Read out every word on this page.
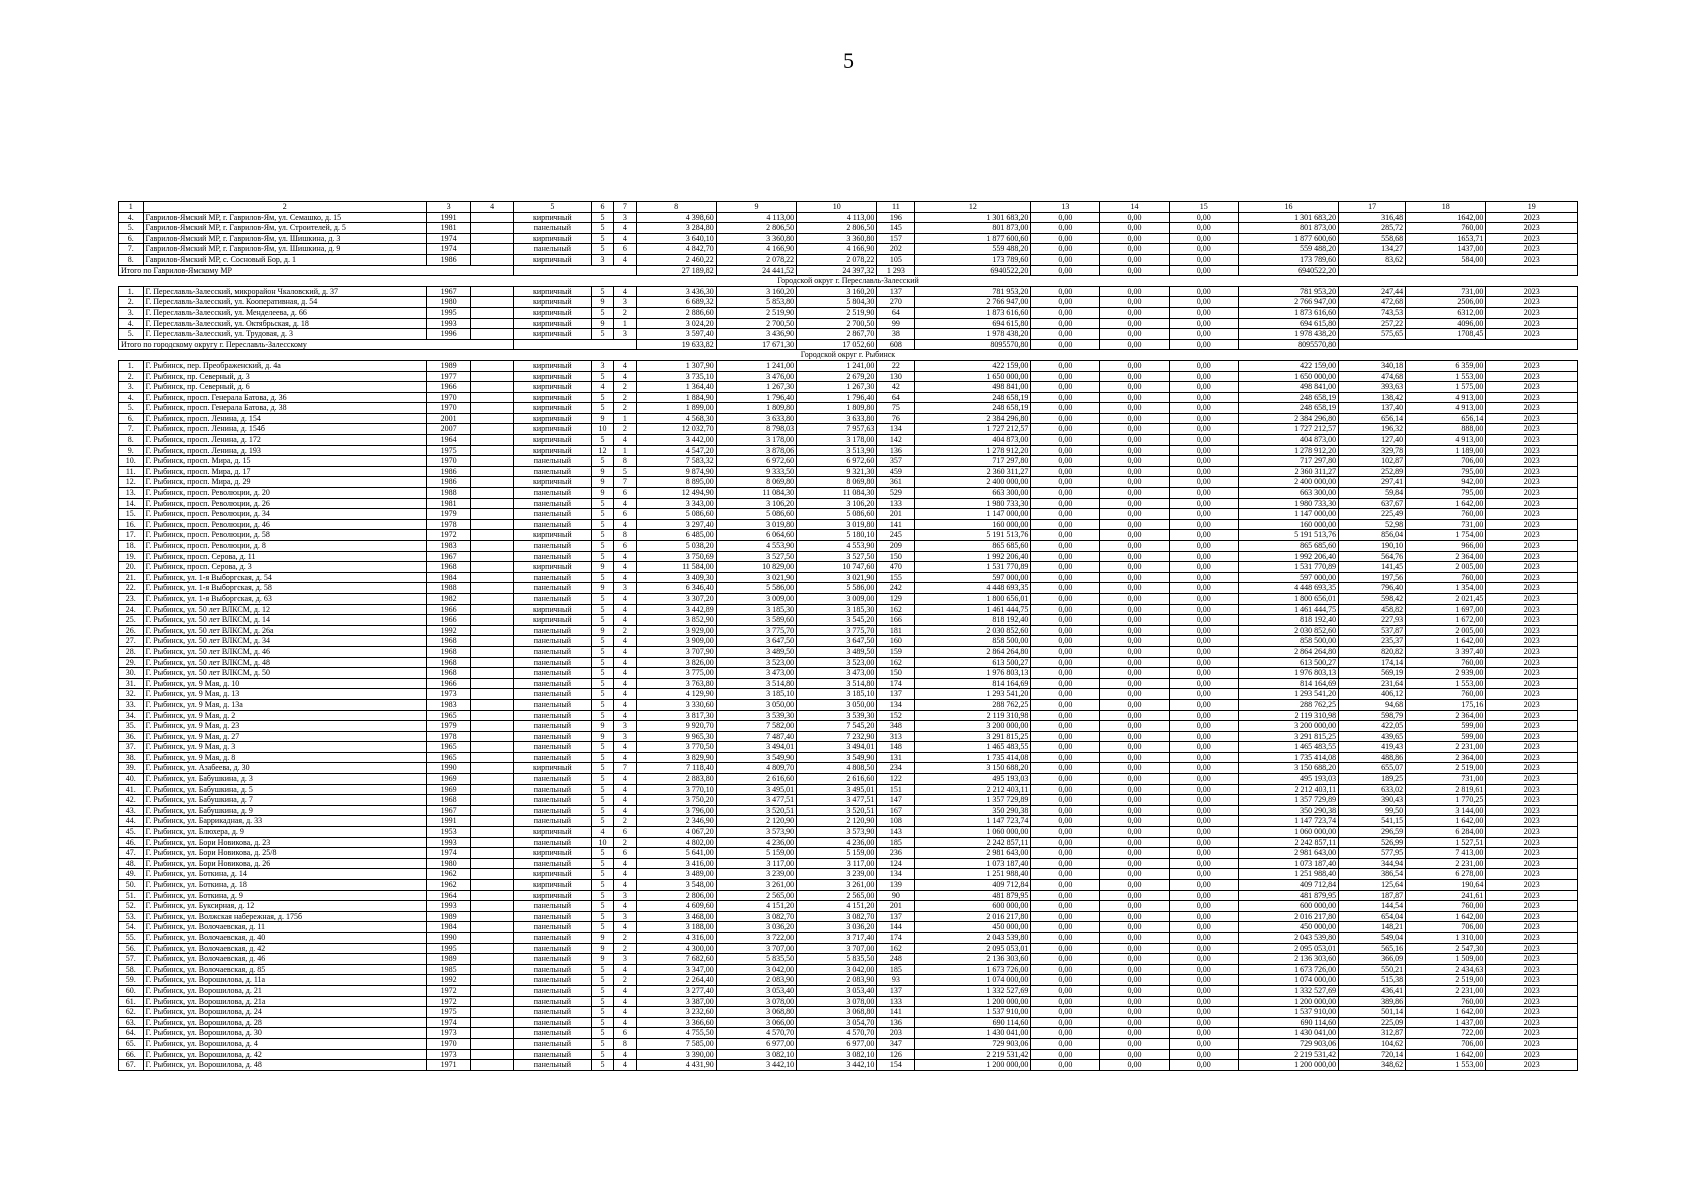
5
1	2	3	4	5	6	7	8	9	10	11	12	13	14	15	16	17	18	19
4.	Гаврилов-Ямский МР, г. Гаврилов-Ям, ул. Семашко, д. 15	1991		кирпичный	5	3	4 398,60	4 113,00	4 113,00	196	1 301 683,20	0,00	0,00	0,00	1 301 683,20	316,48	1642,00	2023
5.	Гаврилов-Ямский МР, г. Гаврилов-Ям, ул. Строителей, д. 5	1981		панельный	5	4	3 284,80	2 806,50	2 806,50	145	801 873,00	0,00	0,00	0,00	801 873,00	285,72	760,00	2023
6.	Гаврилов-Ямский МР, г. Гаврилов-Ям, ул. Шишкина, д. 3	1974		кирпичный	5	4	3 640,10	3 360,80	3 360,80	157	1 877 600,60	0,00	0,00	0,00	1 877 600,60	558,68	1653,71	2023
7.	Гаврилов-Ямский МР, г. Гаврилов-Ям, ул. Шишкина, д. 9	1974		панельный	5	6	4 842,70	4 166,90	4 166,90	202	559 488,20	0,00	0,00	0,00	559 488,20	134,27	1437,00	2023
8.	Гаврилов-Ямский МР, с. Сосновый Бор, д. 1	1986		кирпичный	3	4	2 460,22	2 078,22	2 078,22	105	173 789,60	0,00	0,00	0,00	173 789,60	83,62	584,00	2023
Итого по Гаврилов-Ямскому МР							27 189,82	24 441,52	24 397,32	1 293	6940522,20	0,00	0,00	0,00	6940522,20			
Городской округ г. Переславль-Залесский																		
1.	Г. Переславль-Залесский, микрорайон Чкаловский, д. 37	1967		кирпичный	5	4	3 436,30	3 160,20	3 160,20	137	781 953,20	0,00	0,00	0,00	781 953,20	247,44	731,00	2023
2.	Г. Переславль-Залесский, ул. Кооперативная, д. 54	1980		кирпичный	9	3	6 689,32	5 853,80	5 804,30	270	2 766 947,00	0,00	0,00	0,00	2 766 947,00	472,68	2506,00	2023
3.	Г. Переславль-Залесский, ул. Менделеева, д. 66	1995		кирпичный	5	2	2 886,60	2 519,90	2 519,90	64	1 873 616,60	0,00	0,00	0,00	1 873 616,60	743,53	6312,00	2023
4.	Г. Переславль-Залесский, ул. Октябрьская, д. 18	1993		кирпичный	9	1	3 024,20	2 700,50	2 700,50	99	694 615,80	0,00	0,00	0,00	694 615,80	257,22	4096,00	2023
5.	Г. Переславль-Залесский, ул. Трудовая, д. 3	1996		кирпичный	5	3	3 597,40	3 436,90	2 867,70	38	1 978 438,20	0,00	0,00	0,00	1 978 438,20	575,65	1708,45	2023
Итого по городскому округу г. Переславль-Залесскому							19 633,82	17 671,30	17 052,60	608	8095570,80	0,00	0,00	0,00	8095570,80			
Городской округ г. Рыбинск																		
1.	Г. Рыбинск, пер. Преображенский, д. 4а	1989		кирпичный	3	4	1 307,90	1 241,00	1 241,00	22	422 159,00	0,00	0,00	0,00	422 159,00	340,18	6 359,00	2023
2.	Г. Рыбинск, пр. Северный, д. 3	1977		кирпичный	5	4	3 735,10	3 476,00	2 679,20	130	1 650 000,00	0,00	0,00	0,00	1 650 000,00	474,68	1 553,00	2023
3.	Г. Рыбинск, пр. Северный, д. 6	1966		кирпичный	4	2	1 364,40	1 267,30	1 267,30	42	498 841,00	0,00	0,00	0,00	498 841,00	393,63	1 575,00	2023
4.	Г. Рыбинск, просп. Генерала Батова, д. 36	1970		кирпичный	5	2	1 884,90	1 796,40	1 796,40	64	248 658,19	0,00	0,00	0,00	248 658,19	138,42	4 913,00	2023
5.	Г. Рыбинск, просп. Генерала Батова, д. 38	1970		кирпичный	5	2	1 899,00	1 809,80	1 809,80	75	248 658,19	0,00	0,00	0,00	248 658,19	137,40	4 913,00	2023
6.	Г. Рыбинск, просп. Ленина, д. 154	2001		кирпичный	9	1	4 568,30	3 633,80	3 633,80	76	2 384 296,80	0,00	0,00	0,00	2 384 296,80	656,14	656,14	2023
7.	Г. Рыбинск, просп. Ленина, д. 154б	2007		кирпичный	10	2	12 032,70	8 798,03	7 957,63	134	1 727 212,57	0,00	0,00	0,00	1 727 212,57	196,32	888,00	2023
8.	Г. Рыбинск, просп. Ленина, д. 172	1964		кирпичный	5	4	3 442,00	3 178,00	3 178,00	142	404 873,00	0,00	0,00	0,00	404 873,00	127,40	4 913,00	2023
9.	Г. Рыбинск, просп. Ленина, д. 193	1975		кирпичный	12	1	4 547,20	3 878,06	3 513,90	136	1 278 912,20	0,00	0,00	0,00	1 278 912,20	329,78	1 189,00	2023
10.	Г. Рыбинск, просп. Мира, д. 15	1970		панельный	5	8	7 583,32	6 972,60	6 972,60	357	717 297,80	0,00	0,00	0,00	717 297,80	102,87	706,00	2023
11.	Г. Рыбинск, просп. Мира, д. 17	1986		панельный	9	5	9 874,90	9 333,50	9 321,30	459	2 360 311,27	0,00	0,00	0,00	2 360 311,27	252,89	795,00	2023
12.	Г. Рыбинск, просп. Мира, д. 29	1986		кирпичный	9	7	8 895,00	8 069,80	8 069,80	361	2 400 000,00	0,00	0,00	0,00	2 400 000,00	297,41	942,00	2023
13.	Г. Рыбинск, просп. Революции, д. 20	1988		панельный	9	6	12 494,90	11 084,30	11 084,30	529	663 300,00	0,00	0,00	0,00	663 300,00	59,84	795,00	2023
14.	Г. Рыбинск, просп. Революции, д. 26	1981		панельный	5	4	3 343,00	3 106,20	3 106,20	133	1 980 733,30	0,00	0,00	0,00	1 980 733,30	637,67	1 642,00	2023
15.	Г. Рыбинск, просп. Революции, д. 34	1979		панельный	5	6	5 086,60	5 086,60	5 086,60	201	1 147 000,00	0,00	0,00	0,00	1 147 000,00	225,49	760,00	2023
16.	Г. Рыбинск, просп. Революции, д. 46	1978		панельный	5	4	3 297,40	3 019,80	3 019,80	141	160 000,00	0,00	0,00	0,00	160 000,00	52,98	731,00	2023
17.	Г. Рыбинск, просп. Революции, д. 58	1972		кирпичный	5	8	6 485,00	6 064,60	5 180,10	245	5 191 513,76	0,00	0,00	0,00	5 191 513,76	856,04	1 754,00	2023
18.	Г. Рыбинск, просп. Революции, д. 8	1983		панельный	5	6	5 038,20	4 553,90	4 553,90	209	865 685,60	0,00	0,00	0,00	865 685,60	190,10	966,00	2023
19.	Г. Рыбинск, просп. Серова, д. 11	1967		панельный	5	4	3 750,69	3 527,50	3 527,50	150	1 992 206,40	0,00	0,00	0,00	1 992 206,40	564,76	2 364,00	2023
20.	Г. Рыбинск, просп. Серова, д. 3	1968		кирпичный	9	4	11 584,00	10 829,00	10 747,60	470	1 531 770,89	0,00	0,00	0,00	1 531 770,89	141,45	2 005,00	2023
21.	Г. Рыбинск, ул. 1-я Выборгская, д. 54	1984		панельный	5	4	3 409,30	3 021,90	3 021,90	155	597 000,00	0,00	0,00	0,00	597 000,00	197,56	760,00	2023
22.	Г. Рыбинск, ул. 1-я Выборгская, д. 58	1988		панельный	9	3	6 346,40	5 586,00	5 586,00	242	4 448 693,35	0,00	0,00	0,00	4 448 693,35	796,40	1 354,00	2023
23.	Г. Рыбинск, ул. 1-я Выборгская, д. 63	1982		панельный	5	4	3 307,20	3 009,00	3 009,00	129	1 800 656,01	0,00	0,00	0,00	1 800 656,01	598,42	2 021,45	2023
24.	Г. Рыбинск, ул. 50 лет ВЛКСМ, д. 12	1966		кирпичный	5	4	3 442,89	3 185,30	3 185,30	162	1 461 444,75	0,00	0,00	0,00	1 461 444,75	458,82	1 697,00	2023
25.	Г. Рыбинск, ул. 50 лет ВЛКСМ, д. 14	1966		кирпичный	5	4	3 852,90	3 589,60	3 545,20	166	818 192,40	0,00	0,00	0,00	818 192,40	227,93	1 672,00	2023
26.	Г. Рыбинск, ул. 50 лет ВЛКСМ, д. 26а	1992		панельный	9	2	3 929,00	3 775,70	3 775,70	181	2 030 852,60	0,00	0,00	0,00	2 030 852,60	537,87	2 005,00	2023
27.	Г. Рыбинск, ул. 50 лет ВЛКСМ, д. 34	1968		панельный	5	4	3 909,00	3 647,50	3 647,50	160	858 500,00	0,00	0,00	0,00	858 500,00	235,37	1 642,00	2023
28.	Г. Рыбинск, ул. 50 лет ВЛКСМ, д. 46	1968		панельный	5	4	3 707,90	3 489,50	3 489,50	159	2 864 264,80	0,00	0,00	0,00	2 864 264,80	820,82	3 397,40	2023
29.	Г. Рыбинск, ул. 50 лет ВЛКСМ, д. 48	1968		панельный	5	4	3 826,00	3 523,00	3 523,00	162	613 500,27	0,00	0,00	0,00	613 500,27	174,14	760,00	2023
30.	Г. Рыбинск, ул. 50 лет ВЛКСМ, д. 50	1968		панельный	5	4	3 775,00	3 473,00	3 473,00	150	1 976 803,13	0,00	0,00	0,00	1 976 803,13	569,19	2 939,00	2023
31.	Г. Рыбинск, ул. 9 Мая, д. 10	1966		панельный	5	4	3 763,80	3 514,80	3 514,80	174	814 164,69	0,00	0,00	0,00	814 164,69	231,64	1 553,00	2023
32.	Г. Рыбинск, ул. 9 Мая, д. 13	1973		панельный	5	4	4 129,90	3 185,10	3 185,10	137	1 293 541,20	0,00	0,00	0,00	1 293 541,20	406,12	760,00	2023
33.	Г. Рыбинск, ул. 9 Мая, д. 13а	1983		панельный	5	4	3 330,60	3 050,00	3 050,00	134	288 762,25	0,00	0,00	0,00	288 762,25	94,68	175,16	2023
34.	Г. Рыбинск, ул. 9 Мая, д. 2	1965		панельный	5	4	3 817,30	3 539,30	3 539,30	152	2 119 310,98	0,00	0,00	0,00	2 119 310,98	598,79	2 364,00	2023
35.	Г. Рыбинск, ул. 9 Мая, д. 23	1979		панельный	9	3	9 920,70	7 582,00	7 545,20	348	3 200 000,00	0,00	0,00	0,00	3 200 000,00	422,05	599,00	2023
36.	Г. Рыбинск, ул. 9 Мая, д. 27	1978		панельный	9	3	9 965,30	7 487,40	7 232,90	313	3 291 815,25	0,00	0,00	0,00	3 291 815,25	439,65	599,00	2023
37.	Г. Рыбинск, ул. 9 Мая, д. 3	1965		панельный	5	4	3 770,50	3 494,01	3 494,01	148	1 465 483,55	0,00	0,00	0,00	1 465 483,55	419,43	2 231,00	2023
38.	Г. Рыбинск, ул. 9 Мая, д. 8	1965		панельный	5	4	3 829,90	3 549,90	3 549,90	131	1 735 414,08	0,00	0,00	0,00	1 735 414,08	488,86	2 364,00	2023
39.	Г. Рыбинск, ул. Азабеева, д. 30	1990		кирпичный	5	7	7 118,40	4 809,70	4 808,50	234	3 150 688,20	0,00	0,00	0,00	3 150 688,20	655,07	2 519,00	2023
40.	Г. Рыбинск, ул. Бабушкина, д. 3	1969		панельный	5	4	2 883,80	2 616,60	2 616,60	122	495 193,03	0,00	0,00	0,00	495 193,03	189,25	731,00	2023
41.	Г. Рыбинск, ул. Бабушкина, д. 5	1969		панельный	5	4	3 770,10	3 495,01	3 495,01	151	2 212 403,11	0,00	0,00	0,00	2 212 403,11	633,02	2 819,61	2023
42.	Г. Рыбинск, ул. Бабушкина, д. 7	1968		панельный	5	4	3 750,20	3 477,51	3 477,51	147	1 357 729,89	0,00	0,00	0,00	1 357 729,89	390,43	1 770,25	2023
43.	Г. Рыбинск, ул. Бабушкина, д. 9	1967		панельный	5	4	3 796,00	3 520,51	3 520,51	167	350 290,38	0,00	0,00	0,00	350 290,38	99,50	3 144,00	2023
44.	Г. Рыбинск, ул. Баррикадная, д. 33	1991		панельный	5	2	2 346,90	2 120,90	2 120,90	108	1 147 723,74	0,00	0,00	0,00	1 147 723,74	541,15	1 642,00	2023
45.	Г. Рыбинск, ул. Блюхера, д. 9	1953		кирпичный	4	6	4 067,20	3 573,90	3 573,90	143	1 060 000,00	0,00	0,00	0,00	1 060 000,00	296,59	6 284,00	2023
46.	Г. Рыбинск, ул. Бори Новикова, д. 23	1993		панельный	10	2	4 802,00	4 236,00	4 236,00	185	2 242 857,11	0,00	0,00	0,00	2 242 857,11	526,99	1 527,51	2023
47.	Г. Рыбинск, ул. Бори Новикова, д. 25/8	1974		кирпичный	5	6	5 641,00	5 159,00	5 159,00	236	2 981 643,00	0,00	0,00	0,00	2 981 643,00	577,95	7 413,00	2023
48.	Г. Рыбинск, ул. Бори Новикова, д. 26	1980		панельный	5	4	3 416,00	3 117,00	3 117,00	124	1 073 187,40	0,00	0,00	0,00	1 073 187,40	344,94	2 231,00	2023
49.	Г. Рыбинск, ул. Боткина, д. 14	1962		кирпичный	5	4	3 489,00	3 239,00	3 239,00	134	1 251 988,40	0,00	0,00	0,00	1 251 988,40	386,54	6 278,00	2023
50.	Г. Рыбинск, ул. Боткина, д. 18	1962		кирпичный	5	4	3 548,00	3 261,00	3 261,00	139	409 712,84	0,00	0,00	0,00	409 712,84	125,64	190,64	2023
51.	Г. Рыбинск, ул. Боткина, д. 9	1964		кирпичный	5	3	2 806,00	2 565,00	2 565,00	90	481 879,95	0,00	0,00	0,00	481 879,95	187,87	241,61	2023
52.	Г. Рыбинск, ул. Буксирная, д. 12	1993		панельный	5	4	4 609,60	4 151,20	4 151,20	201	600 000,00	0,00	0,00	0,00	600 000,00	144,54	760,00	2023
53.	Г. Рыбинск, ул. Волжская набережная, д. 175б	1989		панельный	5	3	3 468,00	3 082,70	3 082,70	137	2 016 217,80	0,00	0,00	0,00	2 016 217,80	654,04	1 642,00	2023
54.	Г. Рыбинск, ул. Волочаевская, д. 11	1984		панельный	5	4	3 188,00	3 036,20	3 036,20	144	450 000,00	0,00	0,00	0,00	450 000,00	148,21	706,00	2023
55.	Г. Рыбинск, ул. Волочаевская, д. 40	1990		панельный	9	2	4 316,00	3 722,00	3 717,40	174	2 043 539,80	0,00	0,00	0,00	2 043 539,80	549,04	1 310,00	2023
56.	Г. Рыбинск, ул. Волочаевская, д. 42	1995		панельный	9	2	4 300,00	3 707,00	3 707,00	162	2 095 053,01	0,00	0,00	0,00	2 095 053,01	565,16	2 547,30	2023
57.	Г. Рыбинск, ул. Волочаевская, д. 46	1989		панельный	9	3	7 682,60	5 835,50	5 835,50	248	2 136 303,60	0,00	0,00	0,00	2 136 303,60	366,09	1 509,00	2023
58.	Г. Рыбинск, ул. Волочаевская, д. 85	1985		панельный	5	4	3 347,00	3 042,00	3 042,00	185	1 673 726,00	0,00	0,00	0,00	1 673 726,00	550,21	2 434,63	2023
59.	Г. Рыбинск, ул. Ворошилова, д. 11а	1992		панельный	5	2	2 264,40	2 083,90	2 083,90	93	1 074 000,00	0,00	0,00	0,00	1 074 000,00	515,38	2 519,00	2023
60.	Г. Рыбинск, ул. Ворошилова, д. 21	1972		панельный	5	4	3 277,40	3 053,40	3 053,40	137	1 332 527,69	0,00	0,00	0,00	1 332 527,69	436,41	2 231,00	2023
61.	Г. Рыбинск, ул. Ворошилова, д. 21а	1972		панельный	5	4	3 387,00	3 078,00	3 078,00	133	1 200 000,00	0,00	0,00	0,00	1 200 000,00	389,86	760,00	2023
62.	Г. Рыбинск, ул. Ворошилова, д. 24	1975		панельный	5	4	3 232,60	3 068,80	3 068,80	141	1 537 910,00	0,00	0,00	0,00	1 537 910,00	501,14	1 642,00	2023
63.	Г. Рыбинск, ул. Ворошилова, д. 28	1974		панельный	5	4	3 366,60	3 066,00	3 054,70	136	690 114,60	0,00	0,00	0,00	690 114,60	225,09	1 437,00	2023
64.	Г. Рыбинск, ул. Ворошилова, д. 30	1973		панельный	5	6	4 755,50	4 570,70	4 570,70	203	1 430 041,00	0,00	0,00	0,00	1 430 041,00	312,87	722,00	2023
65.	Г. Рыбинск, ул. Ворошилова, д. 4	1970		панельный	5	8	7 585,00	6 977,00	6 977,00	347	729 903,06	0,00	0,00	0,00	729 903,06	104,62	706,00	2023
66.	Г. Рыбинск, ул. Ворошилова, д. 42	1973		панельный	5	4	3 390,00	3 082,10	3 082,10	126	2 219 531,42	0,00	0,00	0,00	2 219 531,42	720,14	1 642,00	2023
67.	Г. Рыбинск, ул. Ворошилова, д. 48	1971		панельный	5	4	4 431,90	3 442,10	3 442,10	154	1 200 000,00	0,00	0,00	0,00	1 200 000,00	348,62	1 553,00	2023
